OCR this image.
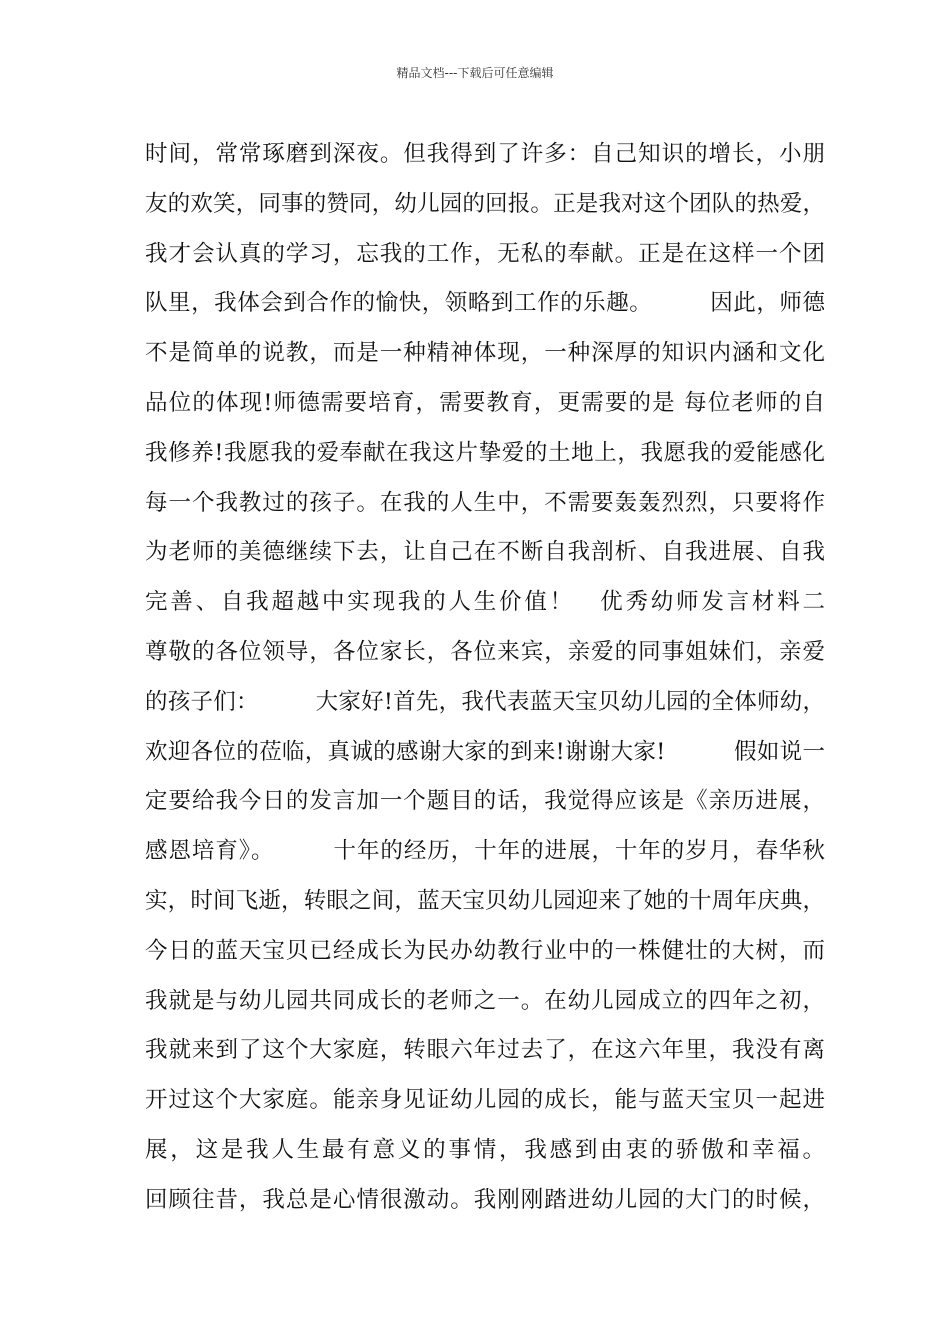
精品文档---下载后可任意编辑
时间，常常琢磨到深夜。但我得到了许多：自己知识的增长，小朋
友的欢笑，同事的赞同，幼儿园的回报。正是我对这个团队的热爱，
我才会认真的学习，忘我的工作，无私的奉献。正是在这样一个团
队里，我体会到合作的愉快，领略到工作的乐趣。　　　因此，师德
不是简单的说教，而是一种精神体现，一种深厚的知识内涵和文化
品位的体现!师德需要培育，需要教育，更需要的是 每位老师的自
我修养!我愿我的爱奉献在我这片挚爱的土地上，我愿我的爱能感化
每一个我教过的孩子。在我的人生中，不需要轰轰烈烈，只要将作
为老师的美德继续下去，让自己在不断自我剖析、自我进展、自我
完善、自我超越中实现我的人生价值！　优秀幼师发言材料二
尊敬的各位领导，各位家长，各位来宾，亲爱的同事姐妹们，亲爱
的孩子们：　　　大家好!首先，我代表蓝天宝贝幼儿园的全体师幼，
欢迎各位的莅临，真诚的感谢大家的到来!谢谢大家!　　　假如说一
定要给我今日的发言加一个题目的话，我觉得应该是《亲历进展，
感恩培育》。　　　十年的经历，十年的进展，十年的岁月，春华秋
实，时间飞逝，转眼之间，蓝天宝贝幼儿园迎来了她的十周年庆典，
今日的蓝天宝贝已经成长为民办幼教行业中的一株健壮的大树，而
我就是与幼儿园共同成长的老师之一。在幼儿园成立的四年之初，
我就来到了这个大家庭，转眼六年过去了，在这六年里，我没有离
开过这个大家庭。能亲身见证幼儿园的成长，能与蓝天宝贝一起进
展，这是我人生最有意义的事情，我感到由衷的骄傲和幸福。
回顾往昔，我总是心情很激动。我刚刚踏进幼儿园的大门的时候，
